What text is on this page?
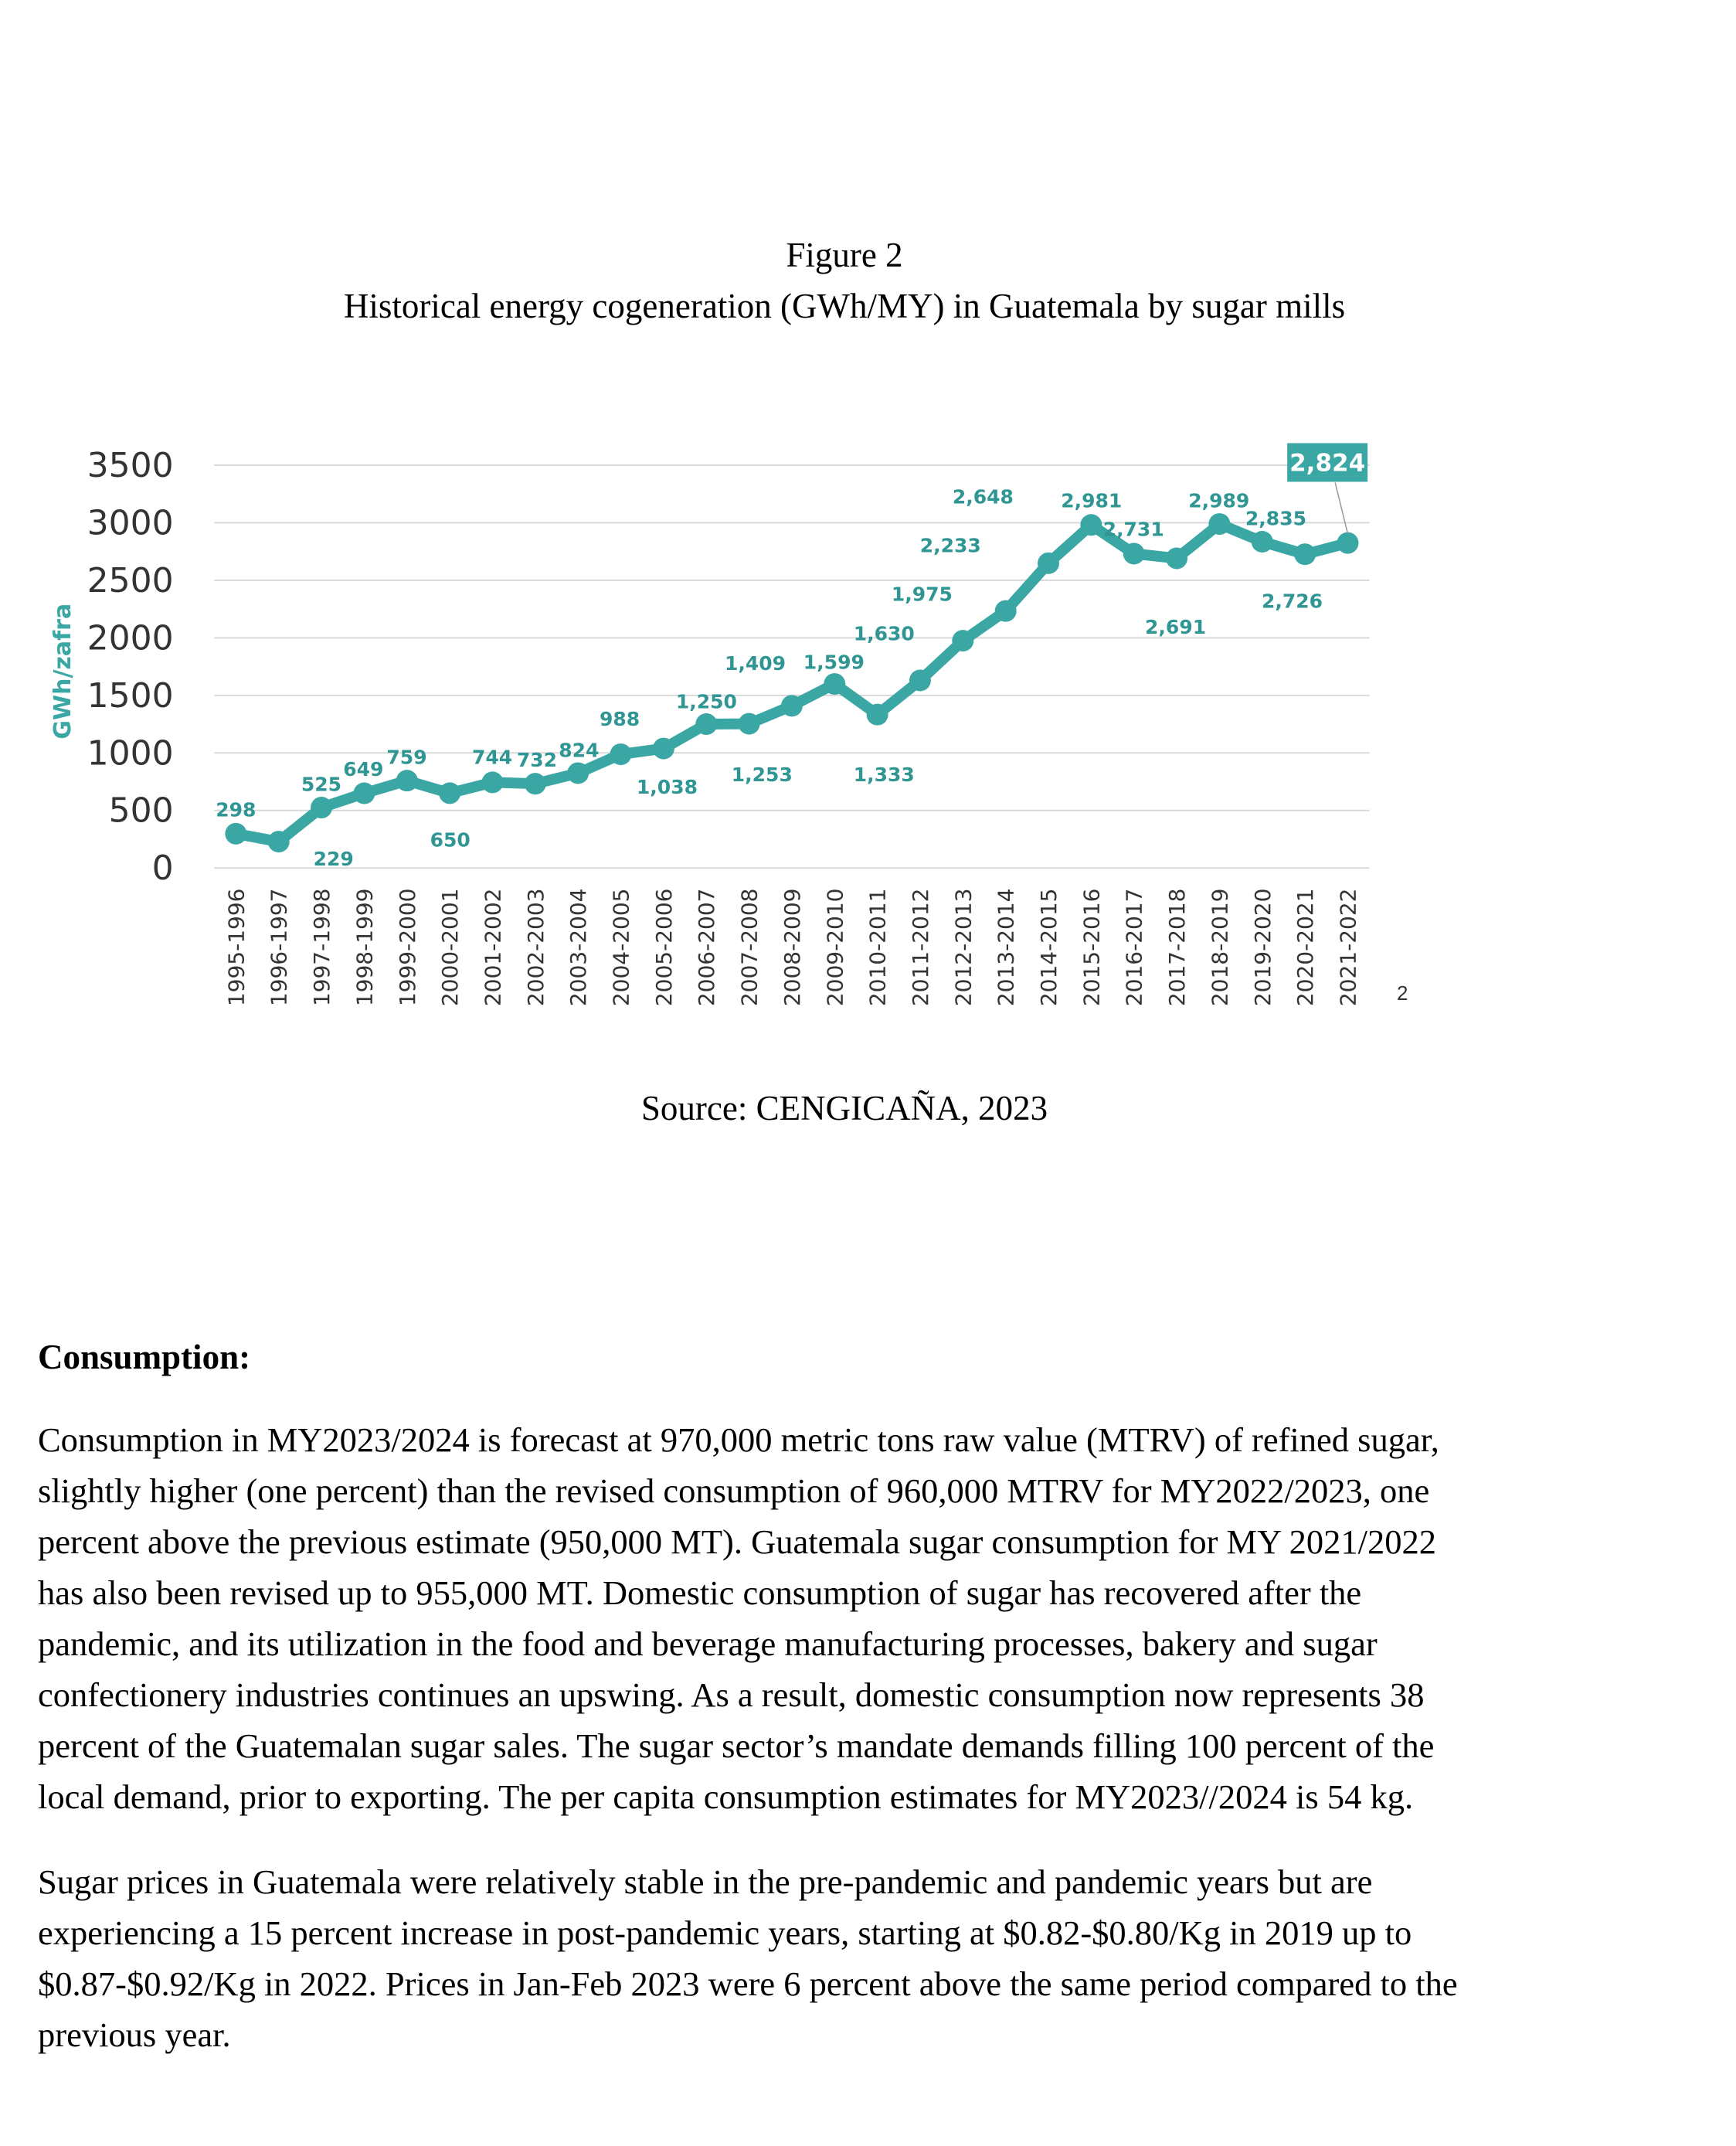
Figure 2
Historical energy cogeneration (GWh/MY) in Guatemala by sugar mills
0
500
1000
1500
2000
2500
3000
3500
GWh/zafra
1995-1996 1996-1997 1997-1998 1998-1999 1999-2000 2000-2001 2001-2002 2002-2003 2003-2004 2004-2005 2005-2006 2006-2007 2007-2008 2008-2009 2009-2010 2010-2011 2011-2012 2012-2013 2013-2014 2014-2015 2015-2016 2016-2017 2017-2018 2018-2019 2019-2020 2020-2021 2021-2022
298
229
525
649
759
650
744 732 824
988
1,038
1,250
1,253
1,409 1,599
1,333
1,630
1,975
2,233
2,648 2,981
2,731
2,691
2,989
2,835
2,726
2,824
2
Source: CENGICAÑA, 2023
Consumption:
Consumption in MY2023/2024 is forecast at 970,000 metric tons raw value (MTRV) of refined sugar,
slightly higher (one percent) than the revised consumption of 960,000 MTRV for MY2022/2023, one
percent above the previous estimate (950,000 MT). Guatemala sugar consumption for MY 2021/2022
has also been revised up to 955,000 MT. Domestic consumption of sugar has recovered after the
pandemic, and its utilization in the food and beverage manufacturing processes, bakery and sugar
confectionery industries continues an upswing. As a result, domestic consumption now represents 38
percent of the Guatemalan sugar sales. The sugar sector’s mandate demands filling 100 percent of the
local demand, prior to exporting. The per capita consumption estimates for MY2023//2024 is 54 kg.
Sugar prices in Guatemala were relatively stable in the pre-pandemic and pandemic years but are
experiencing a 15 percent increase in post-pandemic years, starting at $0.82-$0.80/Kg in 2019 up to
$0.87-$0.92/Kg in 2022. Prices in Jan-Feb 2023 were 6 percent above the same period compared to the
previous year.
